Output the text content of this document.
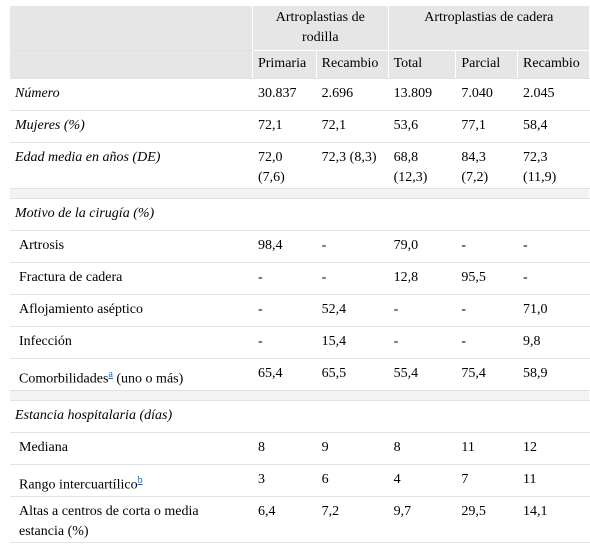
	Artroplastias de rodilla		Artroplastias de cadera		
	Primaria	Recambio	Total	Parcial	Recambio
Número	30.837	2.696	13.809	7.040	2.045
Mujeres (%)	72,1	72,1	53,6	77,1	58,4
Edad media en años (DE)	72,0 (7,6)	72,3 (8,3)	68,8 (12,3)	84,3 (7,2)	72,3 (11,9)

Motivo de la cirugía (%)					
Artrosis	98,4	-	79,0	-	-
Fractura de cadera	-	-	12,8	95,5	-
Aflojamiento aséptico	-	52,4	-	-	71,0
Infección	-	15,4	-	-	9,8
Comorbilidades$^a$ (uno o más)	65,4	65,5	55,4	75,4	58,9

Estancia hospitalaria (días)					
Mediana	8	9	8	11	12
Rango intercuartílico$^b$	3	6	4	7	11
Altas a centros de corta o media estancia (%)	6,4	7,2	9,7	29,5	14,1
